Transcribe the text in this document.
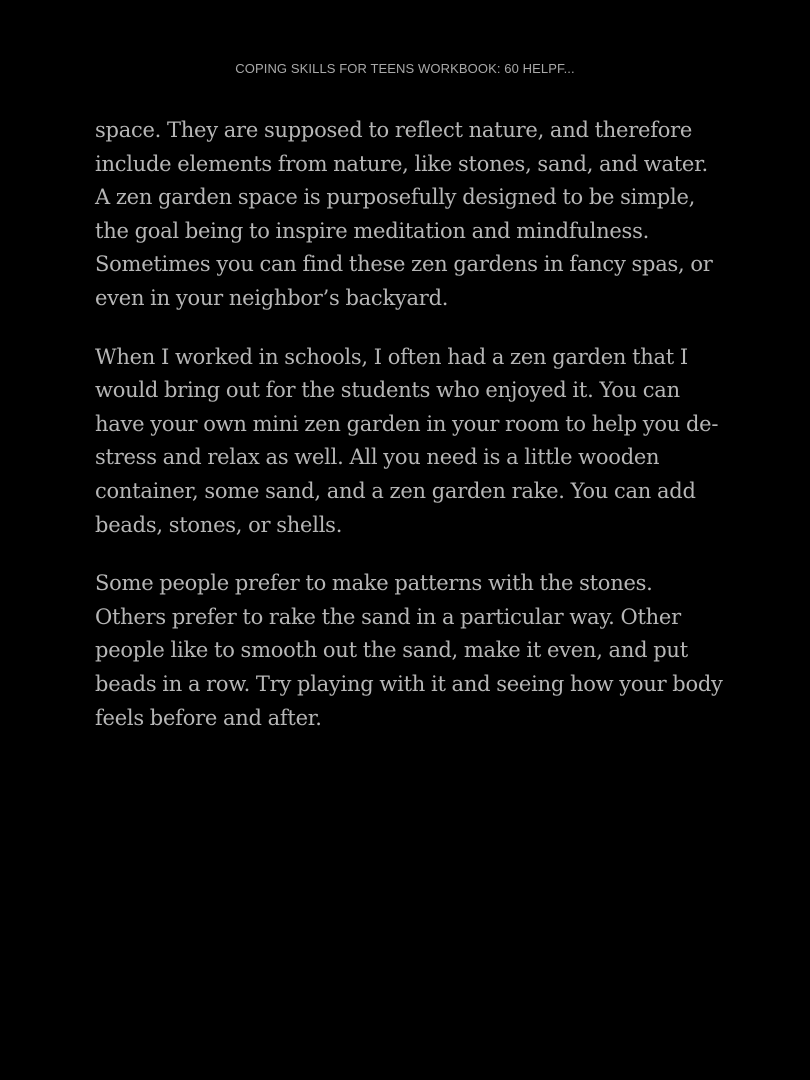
COPING SKILLS FOR TEENS WORKBOOK: 60 HELPF...

space. They are supposed to reflect nature, and therefore include elements from nature, like stones, sand, and water. A zen garden space is purposefully designed to be simple, the goal being to inspire meditation and mindfulness. Sometimes you can find these zen gardens in fancy spas, or even in your neighbor’s backyard.

When I worked in schools, I often had a zen garden that I would bring out for the students who enjoyed it. You can have your own mini zen garden in your room to help you de-stress and relax as well. All you need is a little wooden container, some sand, and a zen garden rake. You can add beads, stones, or shells.

Some people prefer to make patterns with the stones. Others prefer to rake the sand in a particular way. Other people like to smooth out the sand, make it even, and put beads in a row. Try playing with it and seeing how your body feels before and after.
